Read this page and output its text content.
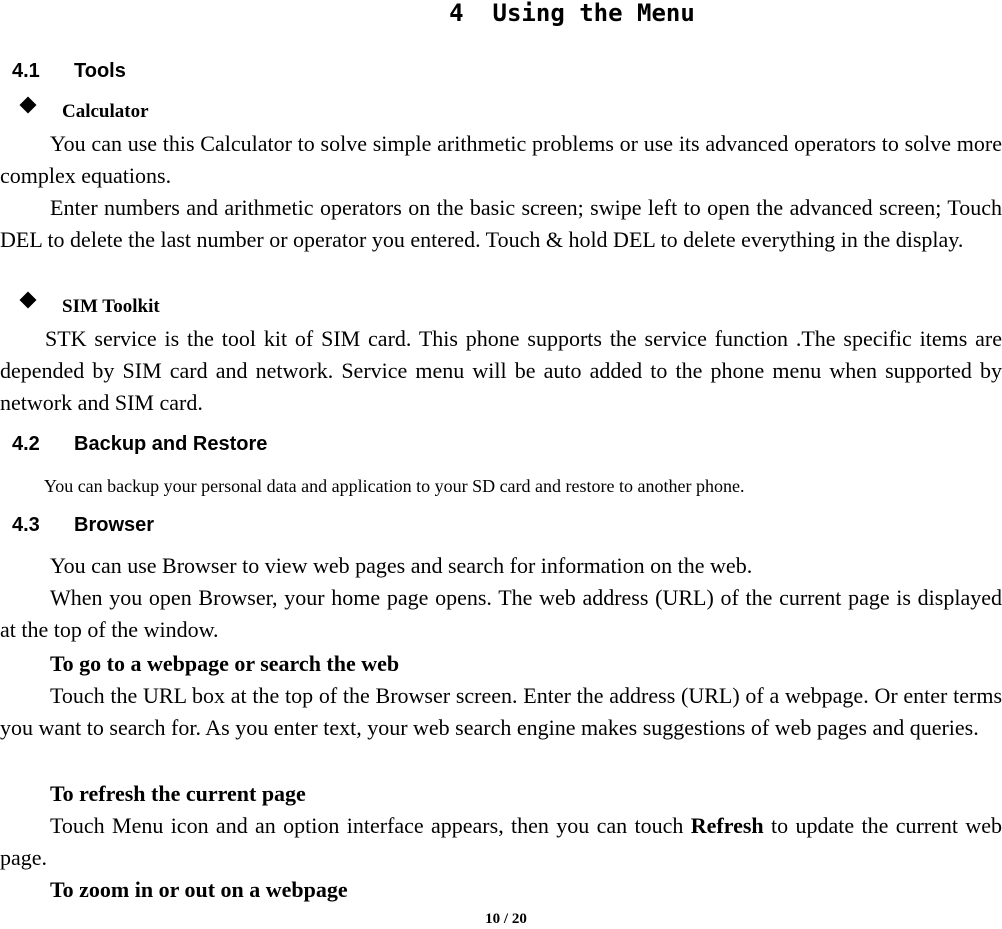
4 Using the Menu
4.1 Tools
Calculator
You can use this Calculator to solve simple arithmetic problems or use its advanced operators to solve more complex equations.
Enter numbers and arithmetic operators on the basic screen; swipe left to open the advanced screen; Touch DEL to delete the last number or operator you entered. Touch & hold DEL to delete everything in the display.
SIM Toolkit
STK service is the tool kit of SIM card. This phone supports the service function .The specific items are depended by SIM card and network. Service menu will be auto added to the phone menu when supported by network and SIM card.
4.2 Backup and Restore
You can backup your personal data and application to your SD card and restore to another phone.
4.3 Browser
You can use Browser to view web pages and search for information on the web.
When you open Browser, your home page opens. The web address (URL) of the current page is displayed at the top of the window.
To go to a webpage or search the web
Touch the URL box at the top of the Browser screen. Enter the address (URL) of a webpage. Or enter terms you want to search for. As you enter text, your web search engine makes suggestions of web pages and queries.
To refresh the current page
Touch Menu icon and an option interface appears, then you can touch Refresh to update the current web page.
To zoom in or out on a webpage
10 / 20
